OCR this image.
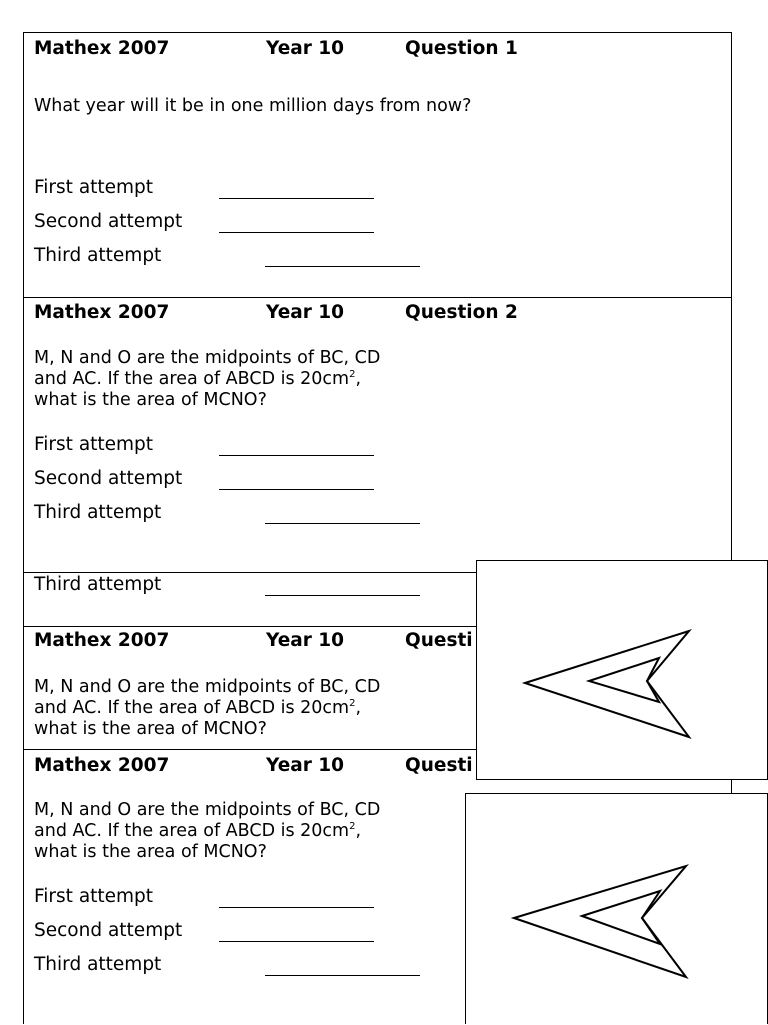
Mathex 2007	Year 10	Question 1
What year will it be in one million days from now?
First attempt
Second attempt
Third attempt
Mathex 2007	Year 10	Question 2
M, N and O are the midpoints of BC, CD
and AC. If the area of ABCD is $20cm^2$,
what is the area of MCNO?
First attempt
Second attempt
Third attempt
Third attempt
Mathex 2007	Year 10	Questi
M, N and O are the midpoints of BC, CD
and AC. If the area of ABCD is $20cm^2$,
what is the area of MCNO?
Mathex 2007	Year 10	Questi
M, N and O are the midpoints of BC, CD
and AC. If the area of ABCD is $20cm^2$,
what is the area of MCNO?
First attempt
Second attempt
Third attempt
